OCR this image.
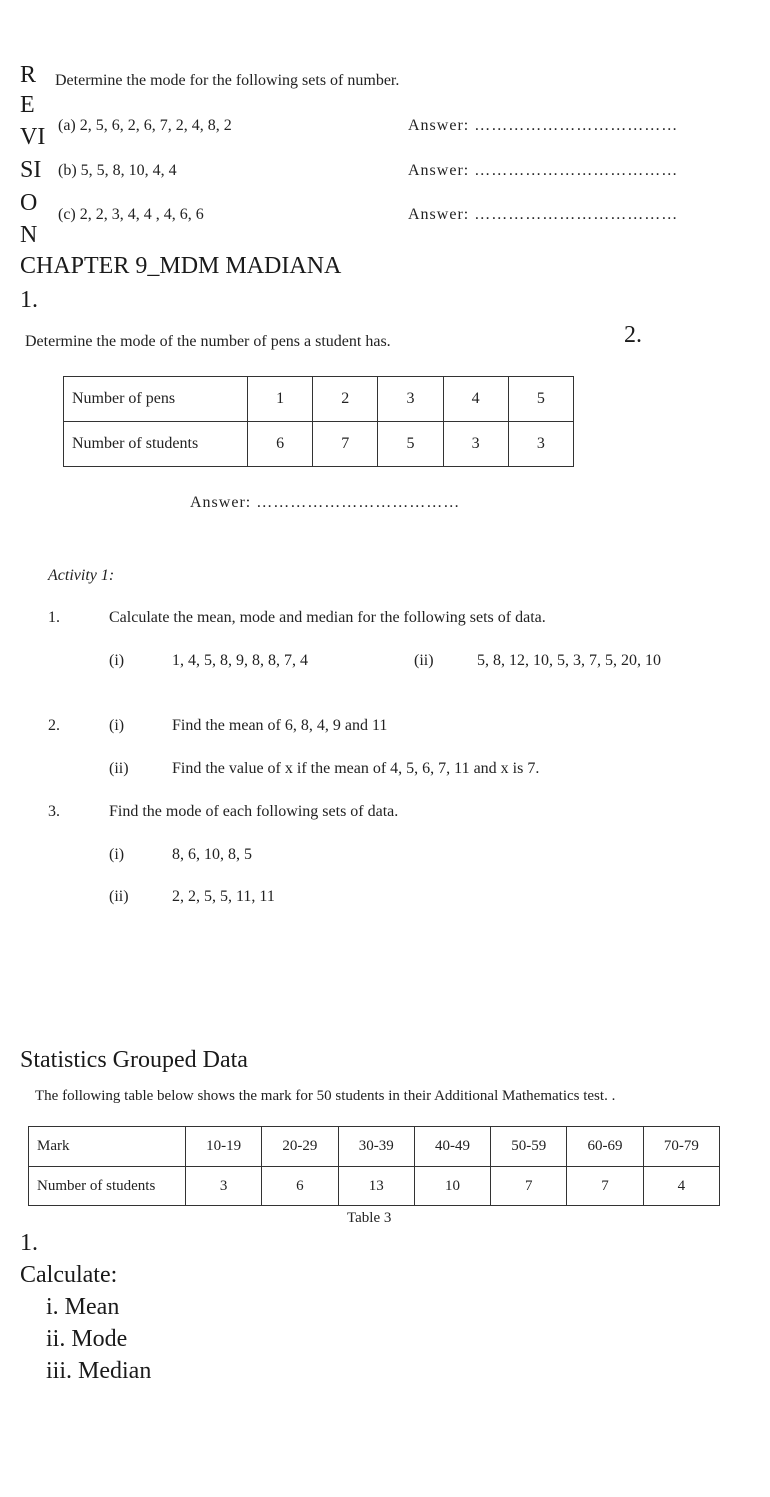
R
E
VI
SI
O
N
Determine the mode for the following sets of number.
(a) 2, 5, 6, 2, 6, 7, 2, 4, 8, 2	Answer: ………………………………
(b) 5, 5, 8, 10, 4, 4	Answer: ………………………………
(c) 2, 2, 3, 4, 4 , 4, 6, 6	Answer: ………………………………
CHAPTER 9_MDM MADIANA
1.
Determine the mode of the number of pens a student has.	2.
Number of pens	1	2	3	4	5
Number of students	6	7	5	3	3
Answer: ………………………………
Activity 1:
1.	Calculate the mean, mode and median for the following sets of data.
(i)	1, 4, 5, 8, 9, 8, 8, 7, 4	(ii)	5, 8, 12, 10, 5, 3, 7, 5, 20, 10
2.	(i)	Find the mean of 6, 8, 4, 9 and 11
(ii)	Find the value of x if the mean of 4, 5, 6, 7, 11 and x is 7.
3.	Find the mode of each following sets of data.
(i)	8, 6, 10, 8, 5
(ii)	2, 2, 5, 5, 11, 11
Statistics Grouped Data
The following table below shows the mark for 50 students in their Additional Mathematics test. .
Mark	10-19	20-29	30-39	40-49	50-59	60-69	70-79
Number of students	3	6	13	10	7	7	4
Table 3
1.
Calculate:
i. Mean
ii. Mode
iii. Median
